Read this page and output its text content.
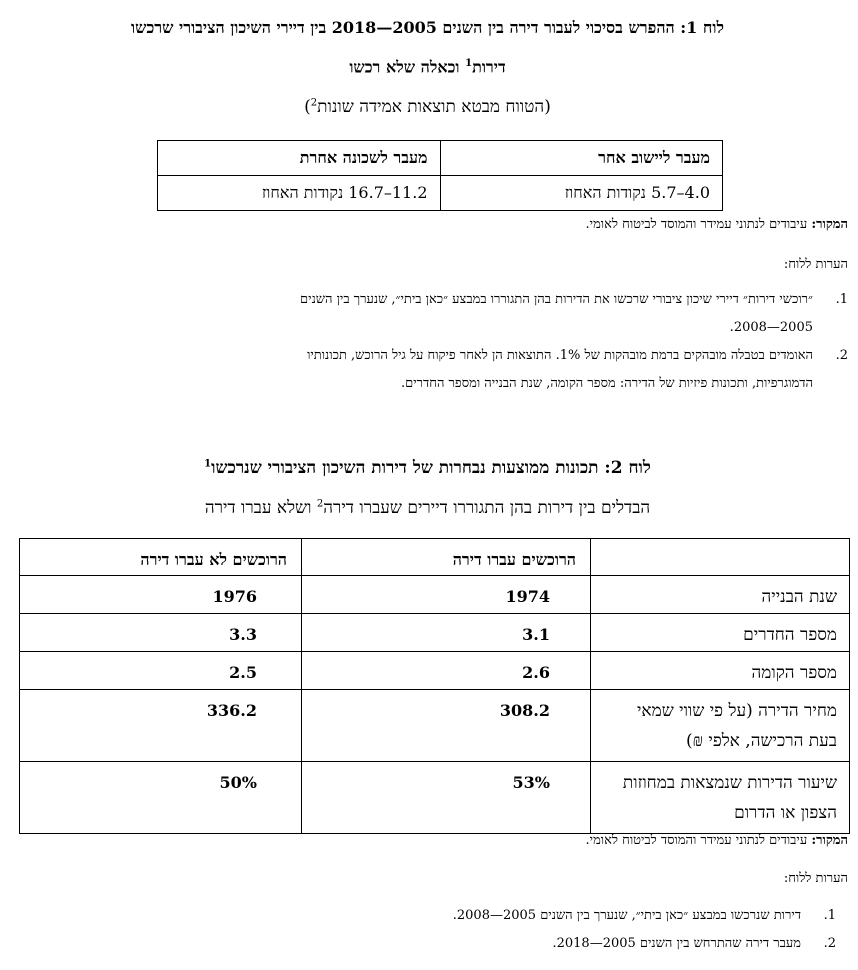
לוח 1: ההפרש בסיכוי לעבור דירה בין השנים 2005—2018 בין דיירי השיכון הציבורי שרכשו
דירות$^1$ וכאלה שלא רכשו
(הטווח מבטא תוצאות אמידה שונות$^2$)
מעבר ליישוב אחר	מעבר לשכונה אחרת
4.0–5.7 נקודות האחוז	11.2–16.7 נקודות האחוז
המקור: עיבודים לנתוני עמידר והמוסד לביטוח לאומי.
הערות ללוח:
1.
״רוכשי דירות״ דיירי שיכון ציבורי שרכשו את הדירות בהן התגוררו במבצע ״כאן ביתי״, שנערך בין השנים
2005—2008.
2.
האומדים בטבלה מובהקים ברמת מובהקות של 1%. התוצאות הן לאחר פיקוח על גיל הרוכש, תכונותיו
הדמוגרפיות, ותכונות פיזיות של הדירה: מספר הקומה, שנת הבנייה ומספר החדרים.
לוח 2: תכונות ממוצעות נבחרות של דירות השיכון הציבורי שנרכשו$^1$
הבדלים בין דירות בהן התגוררו דיירים שעברו דירה$^2$ ושלא עברו דירה
	הרוכשים עברו דירה	הרוכשים לא עברו דירה
שנת הבנייה	1974	1976
מספר החדרים	3.1	3.3
מספר הקומה	2.6	2.5
מחיר הדירה (על פי שווי שמאי בעת הרכישה, אלפי ₪)	308.2	336.2
שיעור הדירות שנמצאות במחוזות הצפון או הדרום	53%	50%
המקור: עיבודים לנתוני עמידר והמוסד לביטוח לאומי.
הערות ללוח:
1.
דירות שנרכשו במבצע ״כאן ביתי״, שנערך בין השנים 2005—2008.
2.
מעבר דירה שהתרחש בין השנים 2005—2018.
